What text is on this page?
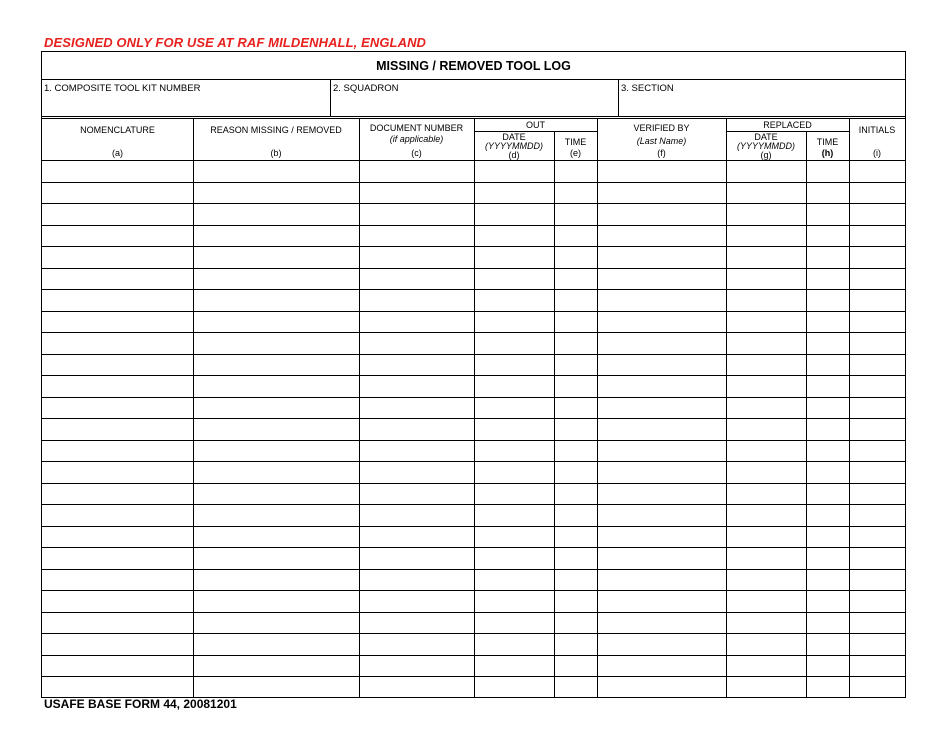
DESIGNED ONLY FOR USE AT RAF MILDENHALL, ENGLAND
MISSING / REMOVED TOOL LOG
1. COMPOSITE TOOL KIT NUMBER	2. SQUADRON	3. SECTION
NOMENCLATURE
(a)
REASON MISSING / REMOVED
(b)
DOCUMENT NUMBER
(if applicable)
(c)
OUT
DATE
(YYYYMMDD)
(d)
TIME
(e)
VERIFIED BY
(Last Name)
(f)
REPLACED
DATE
(YYYYMMDD)
(g)
TIME
(h)
INITIALS
(i)
USAFE BASE FORM 44, 20081201
